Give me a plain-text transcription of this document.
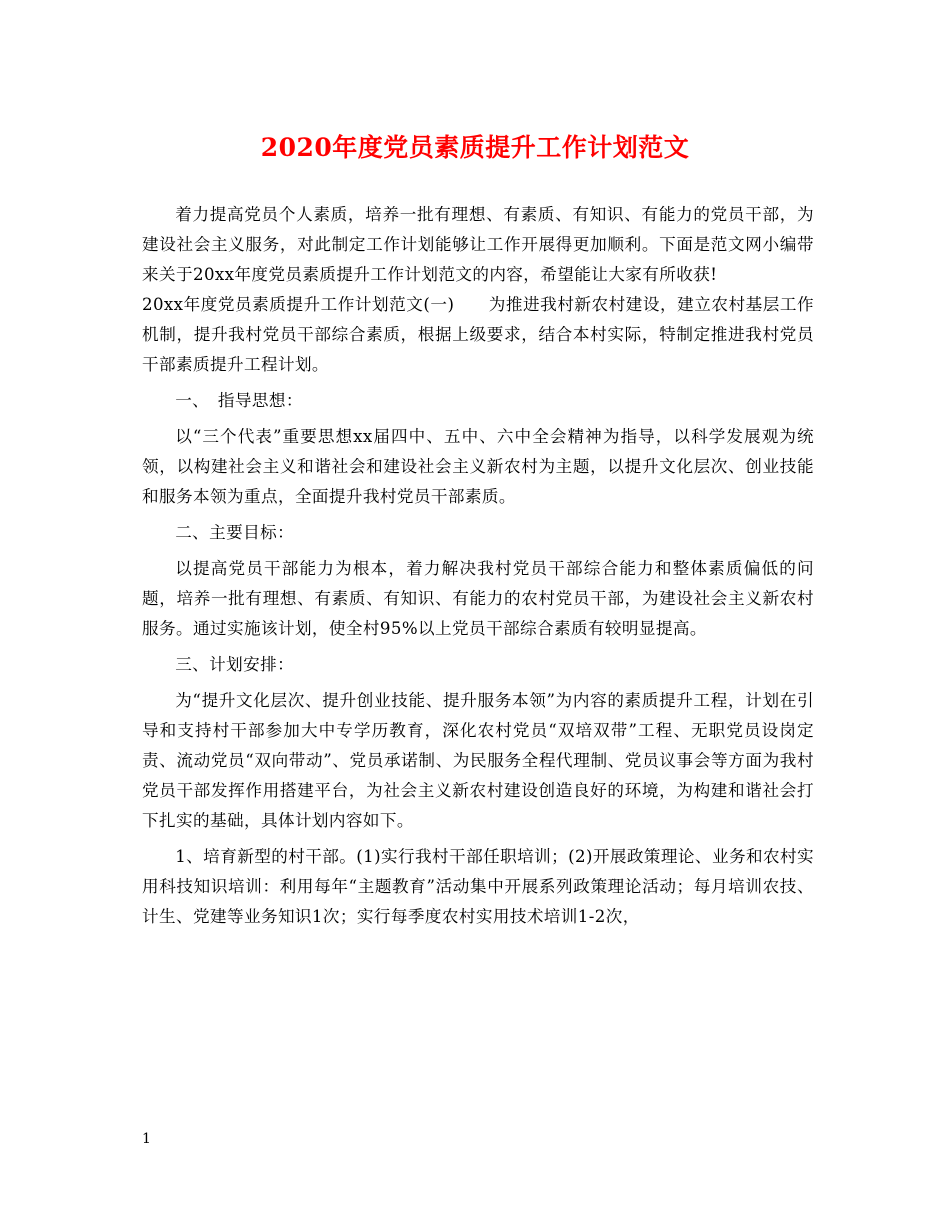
2020年度党员素质提升工作计划范文

着力提高党员个人素质，培养一批有理想、有素质、有知识、有能力的党员干部，为建设社会主义服务，对此制定工作计划能够让工作开展得更加顺利。下面是范文网小编带来关于20xx年度党员素质提升工作计划范文的内容，希望能让大家有所收获!

20xx年度党员素质提升工作计划范文(一)　　为推进我村新农村建设，建立农村基层工作机制，提升我村党员干部综合素质，根据上级要求，结合本村实际，特制定推进我村党员干部素质提升工程计划。

一、　指导思想：

以“三个代表”重要思想xx届四中、五中、六中全会精神为指导，以科学发展观为统领，以构建社会主义和谐社会和建设社会主义新农村为主题，以提升文化层次、创业技能和服务本领为重点，全面提升我村党员干部素质。

二、主要目标：

以提高党员干部能力为根本，着力解决我村党员干部综合能力和整体素质偏低的问题，培养一批有理想、有素质、有知识、有能力的农村党员干部，为建设社会主义新农村服务。通过实施该计划，使全村95%以上党员干部综合素质有较明显提高。

三、计划安排：

为“提升文化层次、提升创业技能、提升服务本领”为内容的素质提升工程，计划在引导和支持村干部参加大中专学历教育，深化农村党员“双培双带”工程、无职党员设岗定责、流动党员“双向带动”、党员承诺制、为民服务全程代理制、党员议事会等方面为我村党员干部发挥作用搭建平台，为社会主义新农村建设创造良好的环境，为构建和谐社会打下扎实的基础，具体计划内容如下。

1、培育新型的村干部。(1)实行我村干部任职培训；(2)开展政策理论、业务和农村实用科技知识培训：利用每年“主题教育”活动集中开展系列政策理论活动；每月培训农技、计生、党建等业务知识1次；实行每季度农村实用技术培训1-2次，

1
